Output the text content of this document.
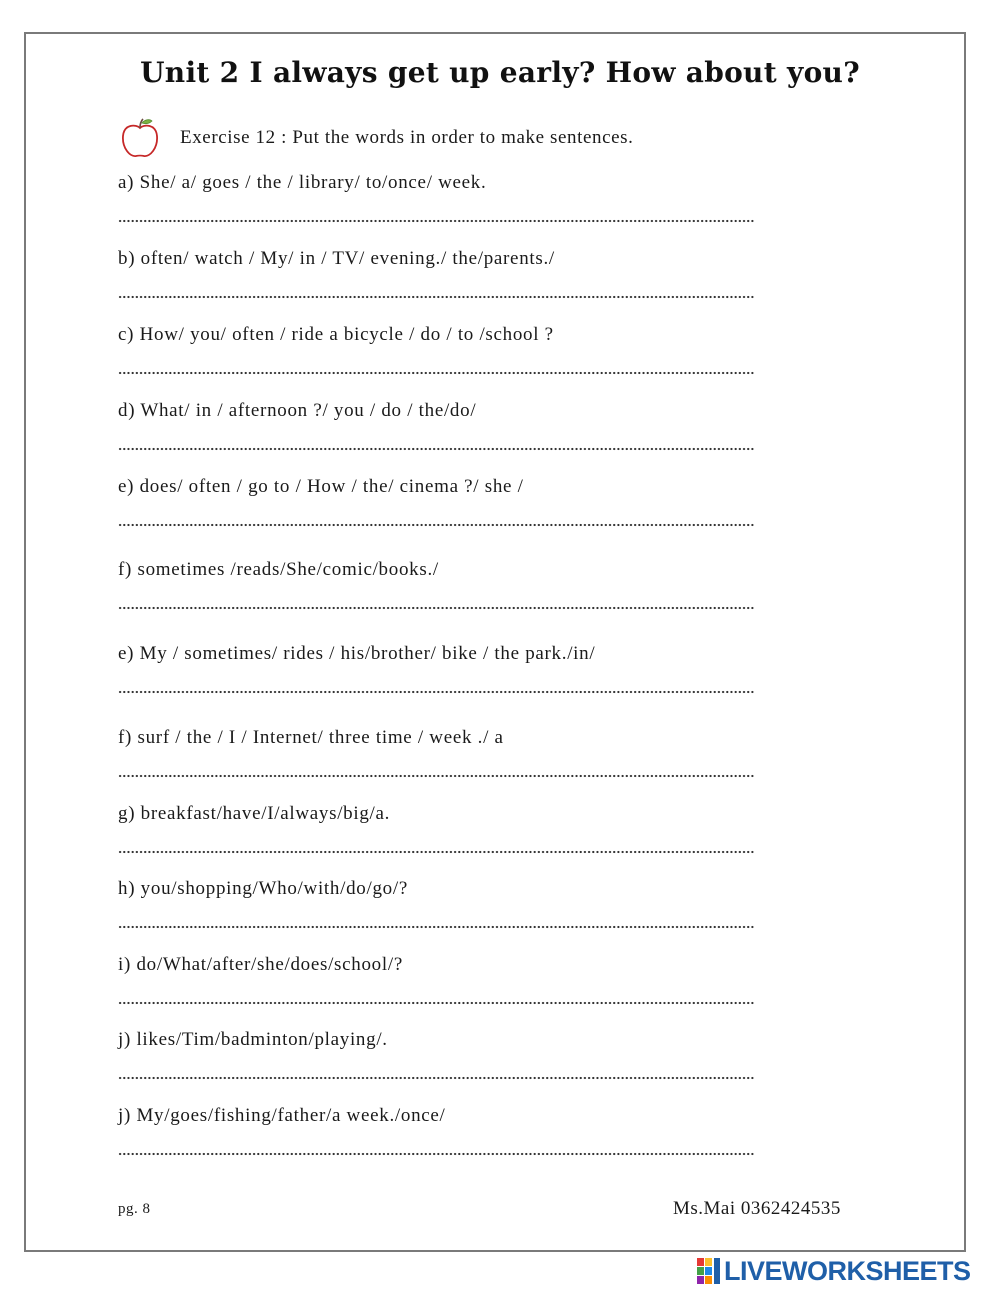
Unit 2 I always get up early? How about you?
Exercise 12 : Put the words in order to make sentences.
a) She/ a/ goes / the / library/ to/once/ week.
b) often/ watch / My/ in / TV/ evening./ the/parents./
c) How/ you/ often / ride a bicycle / do / to /school ?
d) What/ in / afternoon ?/ you / do / the/do/
e) does/ often / go to / How / the/ cinema ?/ she /
f) sometimes /reads/She/comic/books./
e) My / sometimes/ rides / his/brother/ bike / the park./in/
f) surf / the / I / Internet/ three time / week ./ a
g) breakfast/have/I/always/big/a.
h) you/shopping/Who/with/do/go/?
i) do/What/after/she/does/school/?
j) likes/Tim/badminton/playing/.
j) My/goes/fishing/father/a week./once/
pg. 8	Ms.Mai 0362424535
LIVEWORKSHEETS
